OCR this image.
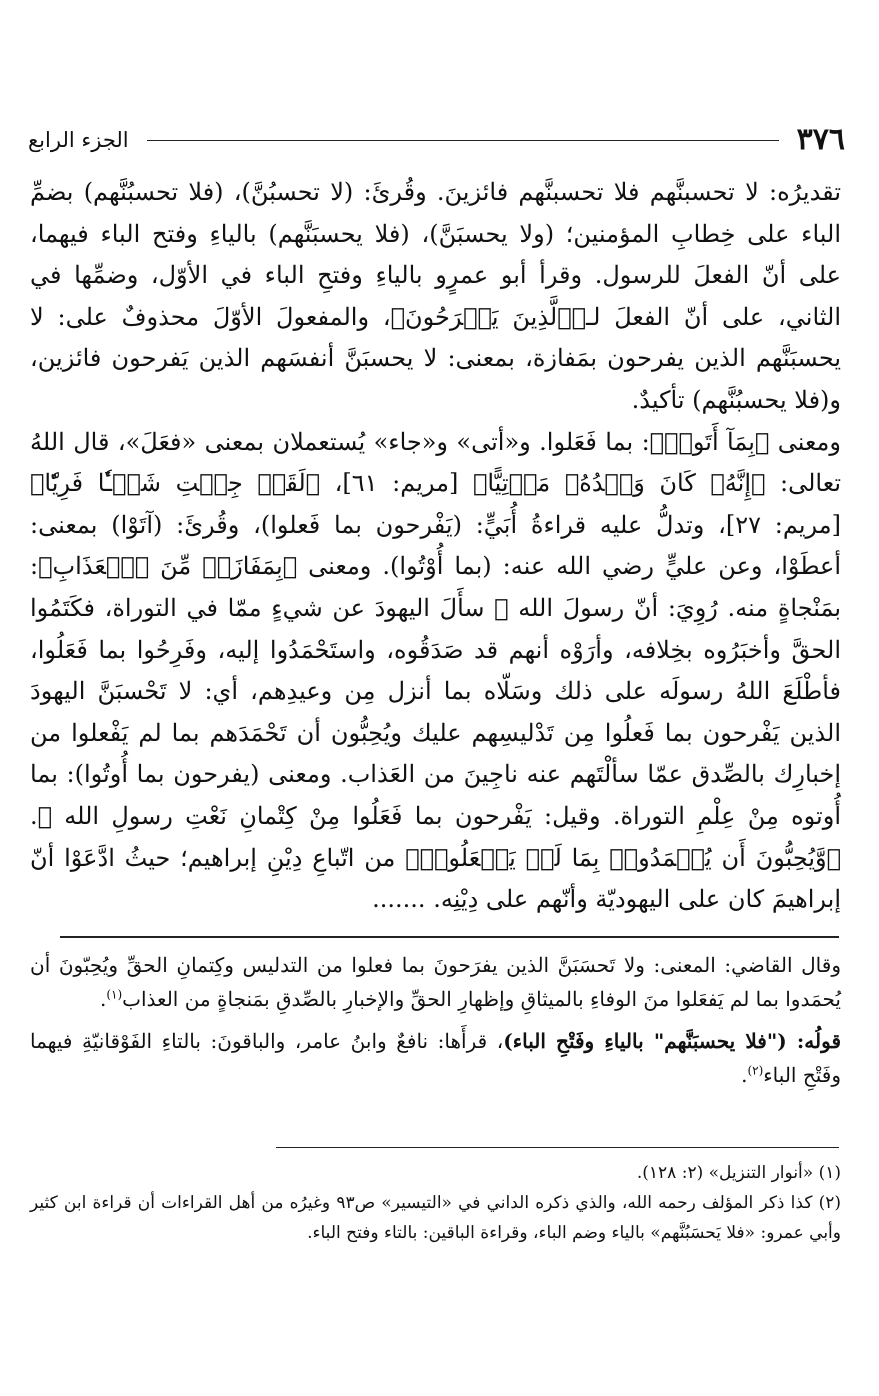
٣٧٦
الجزء الرابع

تقديرُه: لا تحسبنَّهم فلا تحسبنَّهم فائزينَ. وقُرئَ: (لا تحسبُنَّ)، (فلا تحسبُنَّهم) بضمِّ الباء على خِطابِ المؤمنين؛ (ولا يحسبَنَّ)، (فلا يحسبَنَّهم) بالياءِ وفتح الباء فيهما، على أنّ الفعلَ للرسول. وقرأ أبو عمرٍو بالياءِ وفتحِ الباء في الأوّل، وضمِّها في الثاني، على أنّ الفعلَ لـ﴿ٱلَّذِينَ يَفۡرَحُونَ﴾، والمفعولَ الأوّلَ محذوفٌ على: لا يحسبَنَّهم الذين يفرحون بمَفازة، بمعنى: لا يحسبَنَّ أنفسَهم الذين يَفرحون فائزين، و(فلا يحسبُنَّهم) تأكيدٌ.

ومعنى ﴿بِمَآ أَتَوا۟﴾: بما فَعَلوا. و«أتى» و«جاء» يُستعملان بمعنى «فعَلَ»، قال اللهُ تعالى: ﴿إِنَّهُۥ كَانَ وَعۡدُهُۥ مَأۡتِيًّا﴾ [مريم: ٦١]، ﴿لَقَدۡ جِئۡتِ شَيۡـٔٗا فَرِيّٗا﴾ [مريم: ٢٧]، وتدلُّ عليه قراءةُ أُبَيٍّ: (يَفْرحون بما فَعلوا)، وقُرئَ: (آتَوْا) بمعنى: أعطَوْا، وعن عليٍّ رضي الله عنه: (بما أُوْتُوا). ومعنى ﴿بِمَفَازَةٖ مِّنَ ٱلۡعَذَابِ﴾: بمَنْجاةٍ منه. رُوِيَ: أنّ رسولَ الله ﷺ سأَلَ اليهودَ عن شيءٍ ممّا في التوراة، فكَتَمُوا الحقَّ وأخبَرُوه بخِلافه، وأرَوْه أنهم قد صَدَقُوه، واستَحْمَدُوا إليه، وفَرِحُوا بما فَعَلُوا، فأطْلَعَ اللهُ رسولَه على ذلك وسَلّاه بما أنزل مِن وعيدِهم، أي: لا تَحْسبَنَّ اليهودَ الذين يَفْرحون بما فَعلُوا مِن تَدْليسِهم عليك ويُحِبُّون أن تَحْمَدَهم بما لم يَفْعلوا من إخبارِك بالصِّدق عمّا سألْتَهم عنه ناجِينَ من العَذاب. ومعنى (يفرحون بما أُوتُوا): بما أُوتوه مِنْ عِلْمِ التوراة. وقيل: يَفْرحون بما فَعَلُوا مِنْ كِتْمانِ نَعْتِ رسولِ الله ﷺ. ﴿وَّيُحِبُّونَ أَن يُحۡمَدُوا۟ بِمَا لَمۡ يَفۡعَلُوا۟﴾ من اتّباعِ دِيْنِ إبراهيم؛ حيثُ ادَّعَوْا أنّ إبراهيمَ كان على اليهوديّة وأنّهم على دِيْنِه. .......

وقال القاضي: المعنى: ولا تَحسَبَنَّ الذين يفرَحونَ بما فعلوا من التدليس وكِتمانِ الحقِّ ويُحِبّونَ أن يُحمَدوا بما لم يَفعَلوا منَ الوفاءِ بالميثاقِ وإظهارِ الحقِّ والإخبارِ بالصِّدقِ بمَنجاةٍ من العذاب$^{(١)}$.

قولُه: ("فلا يحسبَنَّهم" بالياءِ وفَتْحِ الباء)، قرأَها: نافعٌ وابنُ عامر، والباقونَ: بالتاءِ الفَوْقانيّةِ فيهما وفَتْحِ الباء$^{(٢)}$.

(١) «أنوار التنزيل» (٢: ١٢٨).

(٢) كذا ذكر المؤلف رحمه الله، والذي ذكره الداني في «التيسير» ص٩٣ وغيرُه من أهل القراءات أن قراءة ابن كثير وأبي عمرو: «فلا يَحسَبُنَّهم» بالياء وضم الباء، وقراءة الباقين: بالتاء وفتح الباء.
